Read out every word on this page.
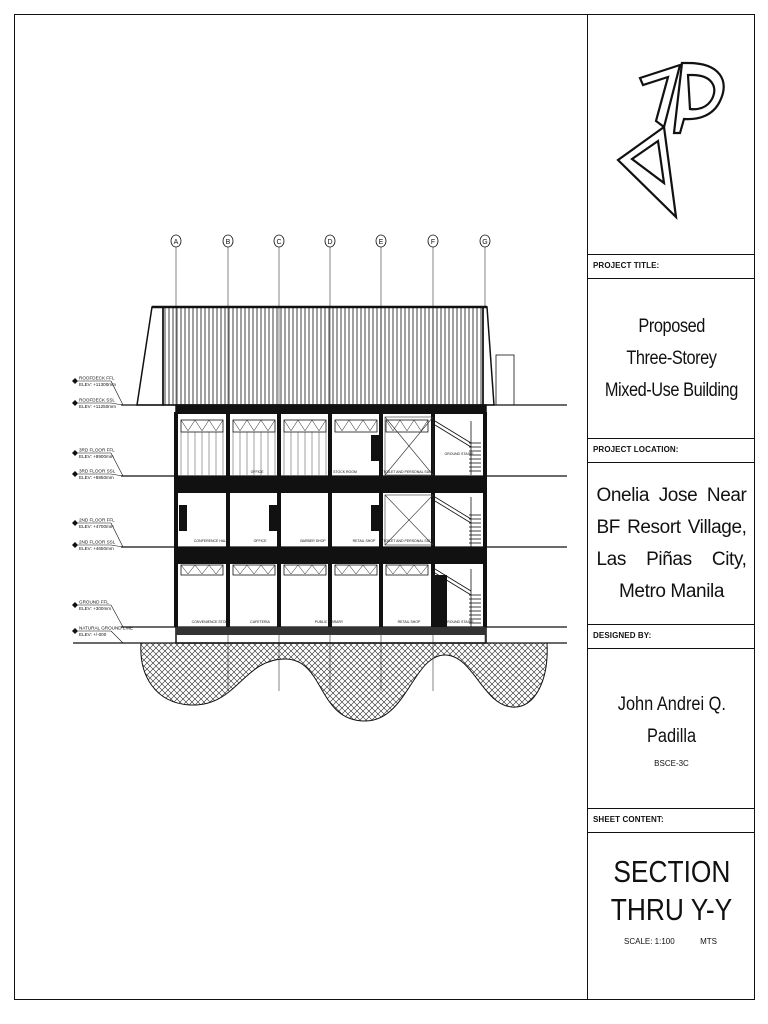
A	B	C	D	E	F	G
OFFICE	STOCK ROOM	TOILET AND PERSONAL SUITE
GROUND STAIRS
CONFERENCE HALL	OFFICE	BARBER SHOP	RETAIL SHOP TOILET AND PERSONAL SUITE
CONVENIENCE STORE	CAFETERIA	PUBLIC LIBRARY	RETAIL SHOP	GROUND STAIRS
ROOFDECK FFL
ELEV: +11300mm
ROOFDECK SSL
ELEV: +11250mm
3RD FLOOR FFL
ELEV: +8900mm
3RD FLOOR SSL
ELEV: +8850mm
2ND FLOOR FFL
ELEV: +4700mm
2ND FLOOR SSL
ELEV: +4650mm
GROUND FFL
ELEV: +300mm
NATURAL GROUND LINE
ELEV: +/-000
PROJECT TITLE:
Proposed
Three-Storey
Mixed-Use Building
PROJECT LOCATION:
Onelia Jose Near BF Resort Village, Las Piñas City, Metro Manila
DESIGNED BY:
John Andrei Q.
Padilla
BSCE-3C
SHEET CONTENT:
SECTION
THRU Y-Y
SCALE: 1:100	MTS
